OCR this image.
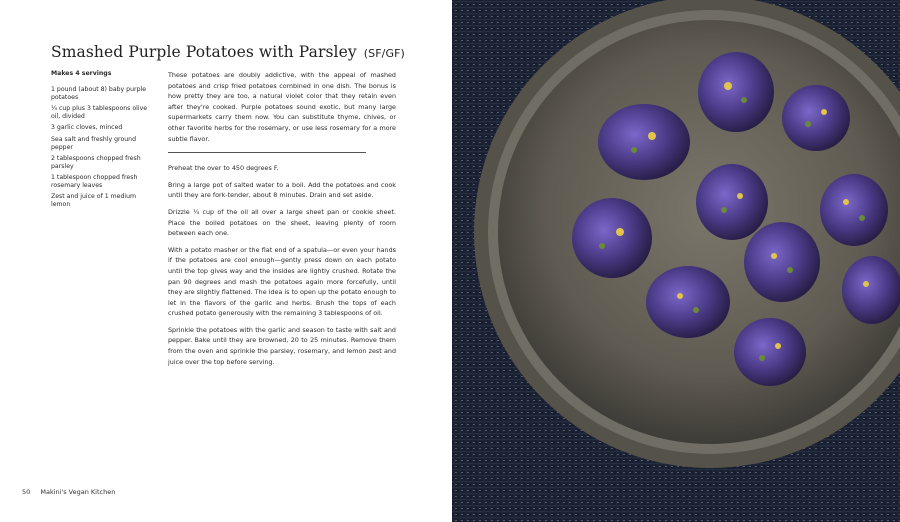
Smashed Purple Potatoes with Parsley (SF/GF)
Makes 4 servings
1 pound (about 8) baby purple potatoes
¼ cup plus 3 tablespoons olive oil, divided
3 garlic cloves, minced
Sea salt and freshly ground pepper
2 tablespoons chopped fresh parsley
1 tablespoon chopped fresh rosemary leaves
Zest and juice of 1 medium lemon

These potatoes are doubly addictive, with the appeal of mashed potatoes and crisp fried potatoes combined in one dish. The bonus is how pretty they are too, a natural violet color that they retain even after they're cooked. Purple potatoes sound exotic, but many large supermarkets carry them now. You can substitute thyme, chives, or other favorite herbs for the rosemary, or use less rosemary for a more subtle flavor.

Preheat the over to 450 degrees F.

Bring a large pot of salted water to a boil. Add the potatoes and cook until they are fork-tender, about 8 minutes. Drain and set aside.

Drizzle ¼ cup of the oil all over a large sheet pan or cookie sheet. Place the boiled potatoes on the sheet, leaving plenty of room between each one.

With a potato masher or the flat end of a spatula—or even your hands if the potatoes are cool enough—gently press down on each potato until the top gives way and the insides are lightly crushed. Rotate the pan 90 degrees and mash the potatoes again more forcefully, until they are slightly flattened. The idea is to open up the potato enough to let in the flavors of the garlic and herbs. Brush the tops of each crushed potato generously with the remaining 3 tablespoons of oil.

Sprinkle the potatoes with the garlic and season to taste with salt and pepper. Bake until they are browned, 20 to 25 minutes. Remove them from the oven and sprinkle the parsley, rosemary, and lemon zest and juice over the top before serving.

50 Makini's Vegan Kitchen
